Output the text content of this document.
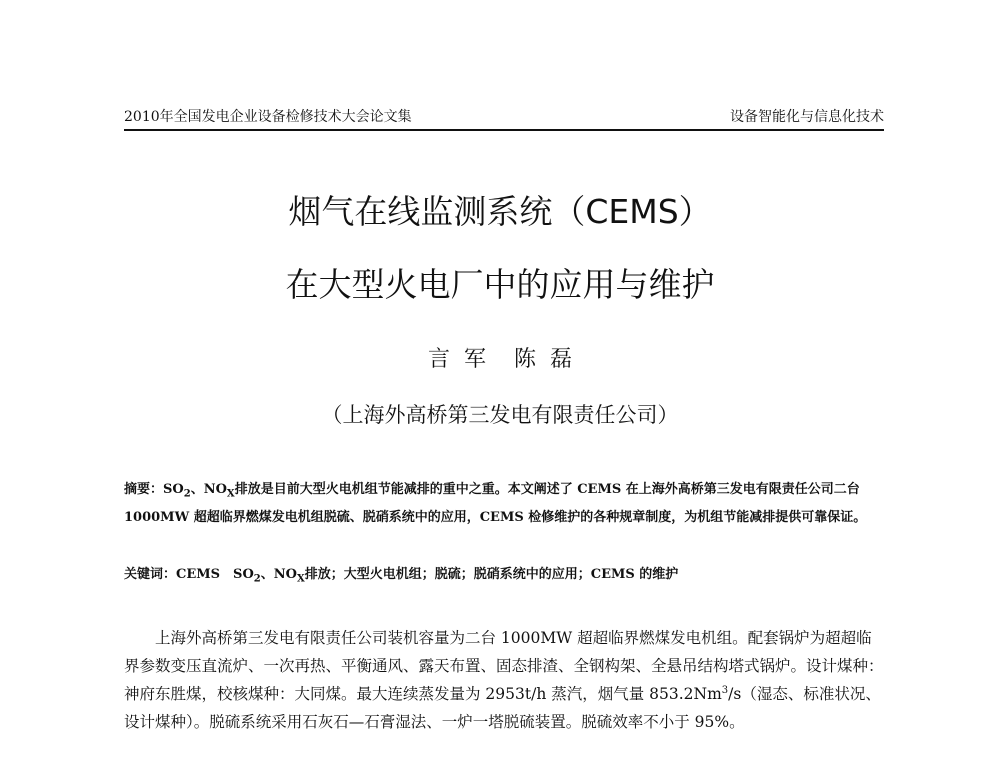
2010年全国发电企业设备检修技术大会论文集	设备智能化与信息化技术
烟气在线监测系统（CEMS）
在大型火电厂中的应用与维护
言  军    陈  磊
（上海外高桥第三发电有限责任公司）
摘要：$SO_2$、$NO_X$排放是目前大型火电机组节能减排的重中之重。本文阐述了 CEMS 在上海外高桥第三发电有限责任公司二台 1000MW 超超临界燃煤发电机组脱硫、脱硝系统中的应用，CEMS 检修维护的各种规章制度，为机组节能减排提供可靠保证。
关键词：CEMS　$SO_2$、$NO_X$排放；大型火电机组；脱硫；脱硝系统中的应用；CEMS 的维护
上海外高桥第三发电有限责任公司装机容量为二台 1000MW 超超临界燃煤发电机组。配套锅炉为超超临界参数变压直流炉、一次再热、平衡通风、露天布置、固态排渣、全钢构架、全悬吊结构塔式锅炉。设计煤种：神府东胜煤，校核煤种：大同煤。最大连续蒸发量为 2953t/h 蒸汽，烟气量 853.2Nm$^3$/s（湿态、标准状况、设计煤种）。脱硫系统采用石灰石—石膏湿法、一炉一塔脱硫装置。脱硫效率不小于 95%。
